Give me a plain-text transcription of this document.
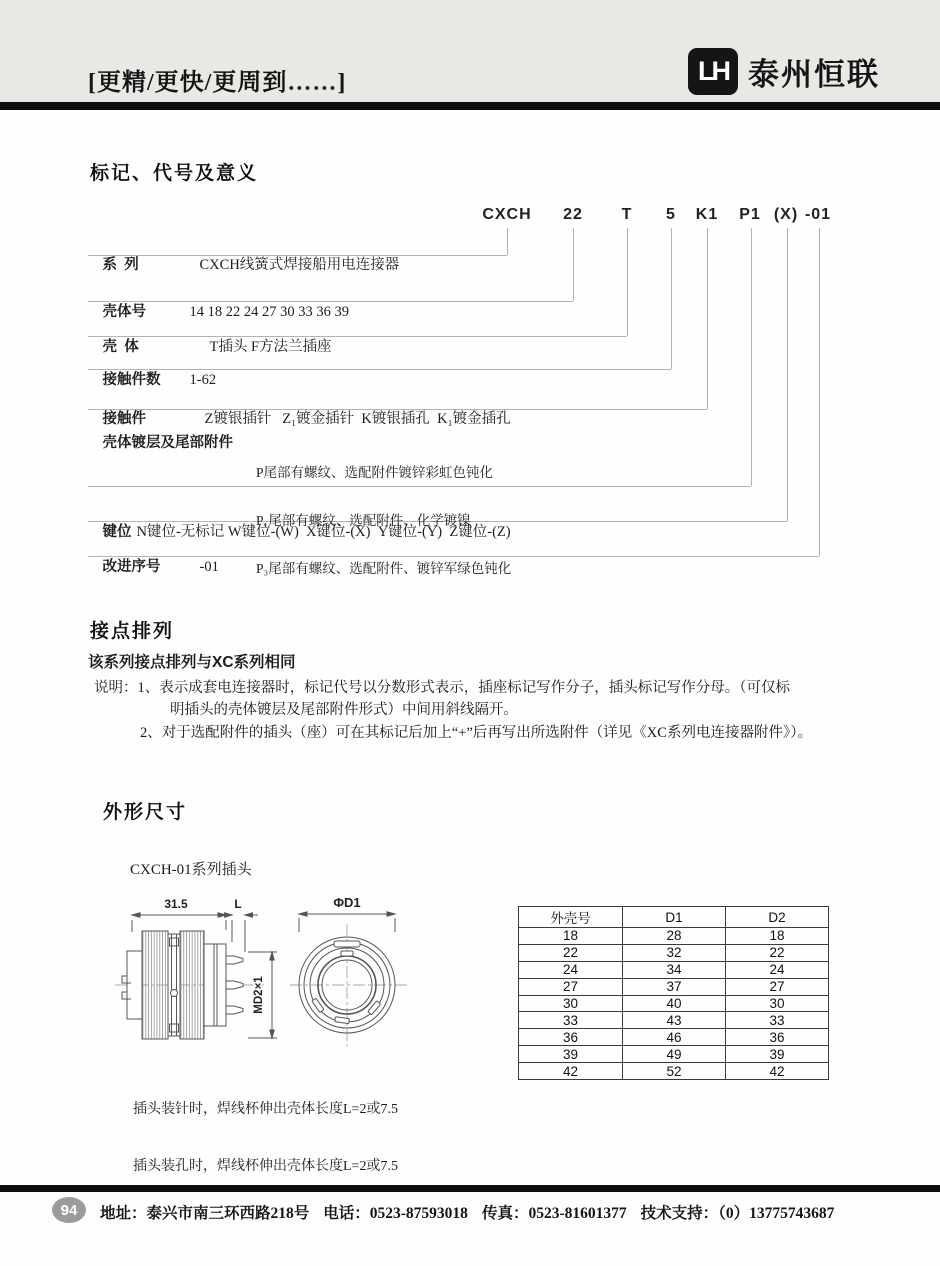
[更精/更快/更周到……]	LH 泰州恒联
标记、代号及意义
CXCH 22 T 5 K1 P1 (X) -01

系  列	CXCH线簧式焊接船用电连接器

壳体号	14 18 22 24 27 30 33 36 39

壳  体	T插头 F方法兰插座

接触件数 1-62

接触件	Z镀银插针   Z₁镀金插针  K镀银插孔  K₁镀金插孔

壳体镀层及尾部附件

P尾部有螺纹、选配附件镀锌彩虹色钝化

P₁尾部有螺纹、选配附件、化学镀镍

P₃尾部有螺纹、选配附件、镀锌军绿色钝化

键位 N键位-无标记 W键位-(W)  X键位-(X)  Y键位-(Y)  Z键位-(Z)

改进序号	-01

接点排列
该系列接点排列与XC系列相同
说明：1、表示成套电连接器时，标记代号以分数形式表示，插座标记写作分子，插头标记写作分母。（可仅标
明插头的壳体镀层及尾部附件形式）中间用斜线隔开。
2、对于选配附件的插头（座）可在其标记后加上“+”后再写出所选附件（详见《XC系列电连接器附件》）。
外形尺寸
CXCH-01系列插头
31.5	L
MD2×1
ΦD1

插头装针时，焊线杯伸出壳体长度L=2或7.5

插头装孔时，焊线杯伸出壳体长度L=2或7.5

外壳号	D1	D2
18	28	18
22	32	22
24	34	24
27	37	27
30	40	30
33	43	33
36	46	36
39	49	39
42	52	42
94	地址：泰兴市南三环西路218号 电话：0523-87593018 传真：0523-81601377 技术支持：（0）13775743687
